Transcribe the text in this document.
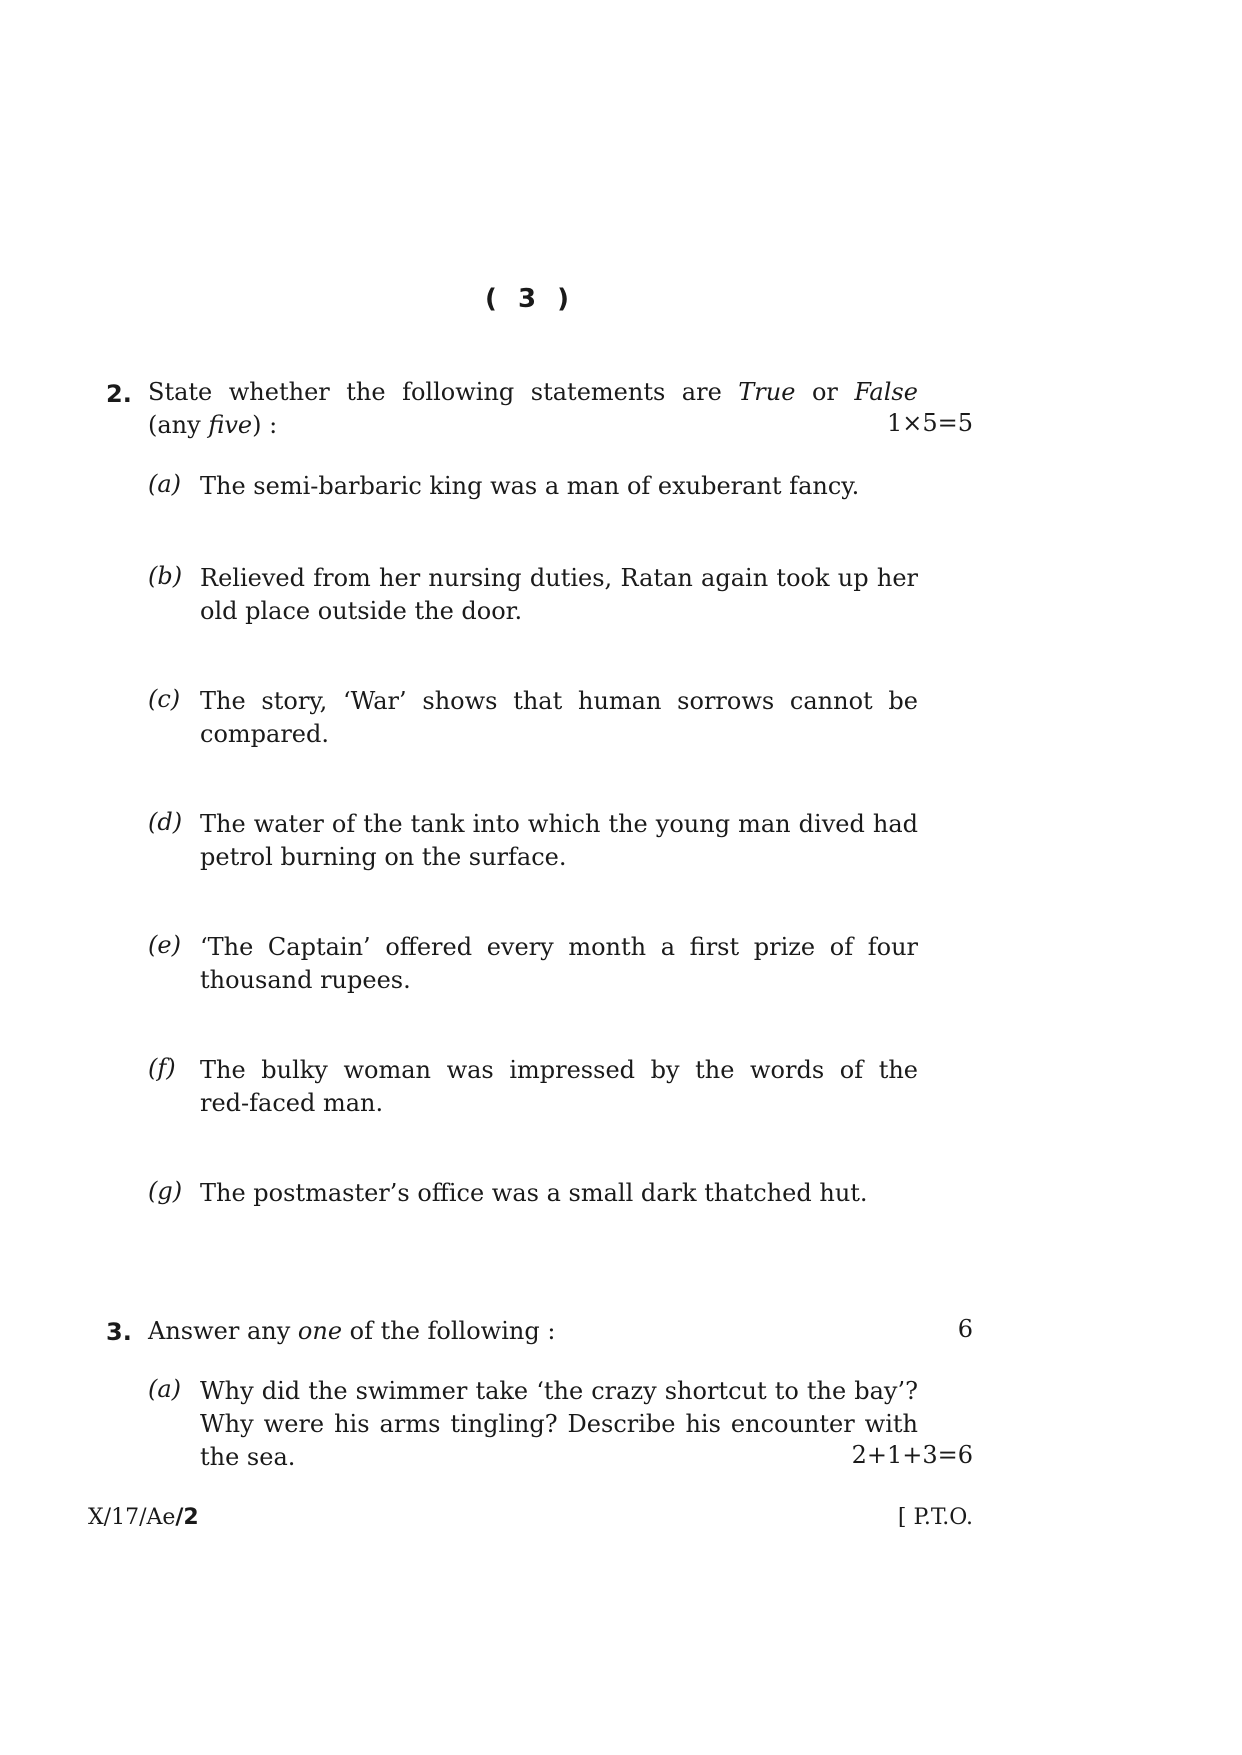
( 3 )
2. State whether the following statements are True or False
(any five) :	1×5=5
(a) The semi-barbaric king was a man of exuberant fancy.
(b) Relieved from her nursing duties, Ratan again took up her
old place outside the door.
(c) The story, ‘War’ shows that human sorrows cannot be
compared.
(d) The water of the tank into which the young man dived had
petrol burning on the surface.
(e) ‘The Captain’ offered every month a first prize of four
thousand rupees.
(f) The bulky woman was impressed by the words of the
red-faced man.
(g) The postmaster’s office was a small dark thatched hut.
3. Answer any one of the following :	6
(a) Why did the swimmer take ‘the crazy shortcut to the bay’?
Why were his arms tingling? Describe his encounter with
the sea.	2+1+3=6
X/17/Ae/2	[ P.T.O.
